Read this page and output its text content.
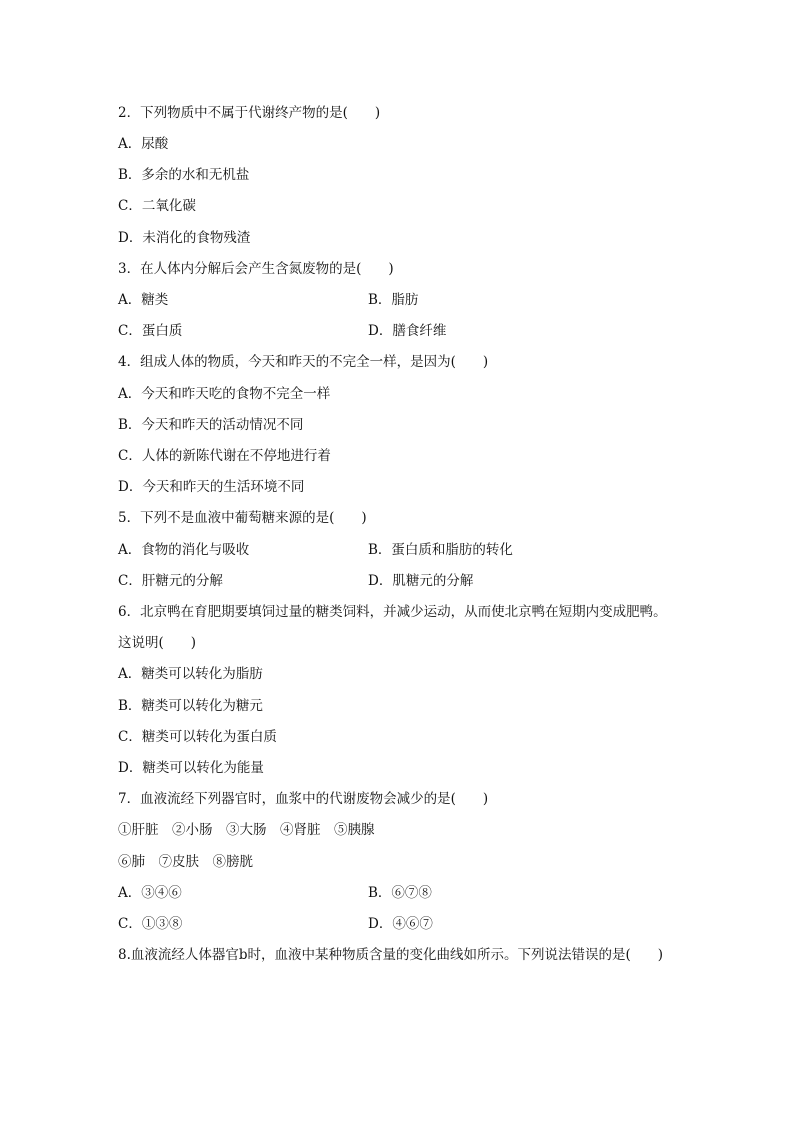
2．下列物质中不属于代谢终产物的是(　　)
A．尿酸
B．多余的水和无机盐
C．二氧化碳
D．未消化的食物残渣
3．在人体内分解后会产生含氮废物的是(　　)
A．糖类	B．脂肪
C．蛋白质	D．膳食纤维
4．组成人体的物质，今天和昨天的不完全一样，是因为(　　)
A．今天和昨天吃的食物不完全一样
B．今天和昨天的活动情况不同
C．人体的新陈代谢在不停地进行着
D．今天和昨天的生活环境不同
5．下列不是血液中葡萄糖来源的是(　　)
A．食物的消化与吸收	B．蛋白质和脂肪的转化
C．肝糖元的分解	D．肌糖元的分解
6．北京鸭在育肥期要填饲过量的糖类饲料，并减少运动，从而使北京鸭在短期内变成肥鸭。
这说明(　　)
A．糖类可以转化为脂肪
B．糖类可以转化为糖元
C．糖类可以转化为蛋白质
D．糖类可以转化为能量
7．血液流经下列器官时，血浆中的代谢废物会减少的是(　　)
①肝脏　②小肠　③大肠　④肾脏　⑤胰腺
⑥肺　⑦皮肤　⑧膀胱
A．③④⑥	B．⑥⑦⑧
C．①③⑧	D．④⑥⑦
8.血液流经人体器官b时，血液中某种物质含量的变化曲线如所示。下列说法错误的是(　　)
